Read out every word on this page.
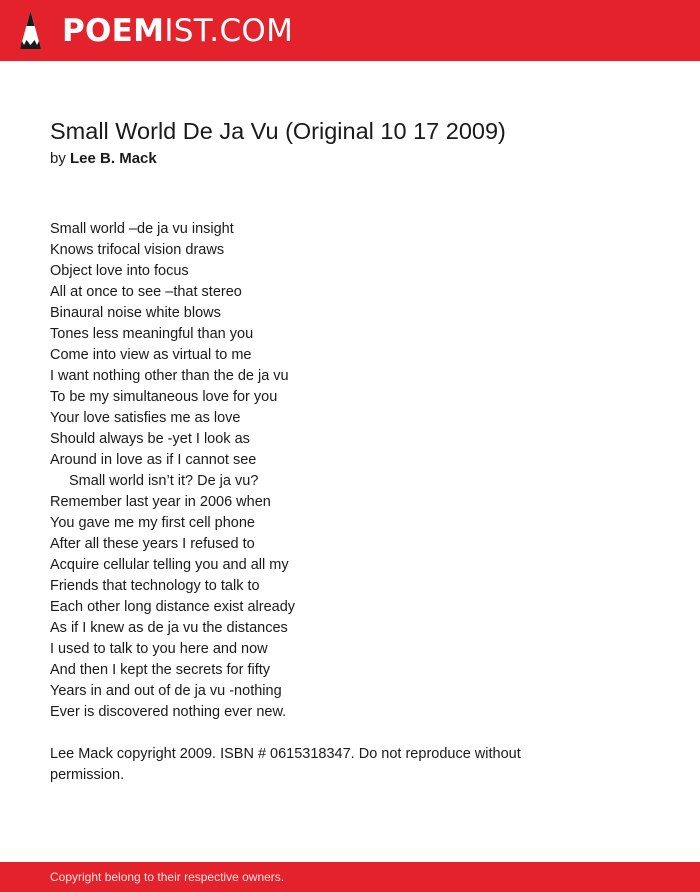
POEMIST.COM
Small World De Ja Vu (Original 10 17 2009)
by Lee B. Mack
Small world –de ja vu insight
Knows trifocal vision draws
Object love into focus
All at once to see –that stereo
Binaural noise white blows
Tones less meaningful than you
Come into view as virtual to me
I want nothing other than the de ja vu
To be my simultaneous love for you
Your love satisfies me as love
Should always be -yet I look as
Around in love as if I cannot see
Small world isn’t it? De ja vu?
Remember last year in 2006 when
You gave me my first cell phone
After all these years I refused to
Acquire cellular telling you and all my
Friends that technology to talk to
Each other long distance exist already
As if I knew as de ja vu the distances
I used to talk to you here and now
And then I kept the secrets for fifty
Years in and out of de ja vu -nothing
Ever is discovered nothing ever new.
Lee Mack copyright 2009. ISBN # 0615318347. Do not reproduce without permission.
Copyright belong to their respective owners.
